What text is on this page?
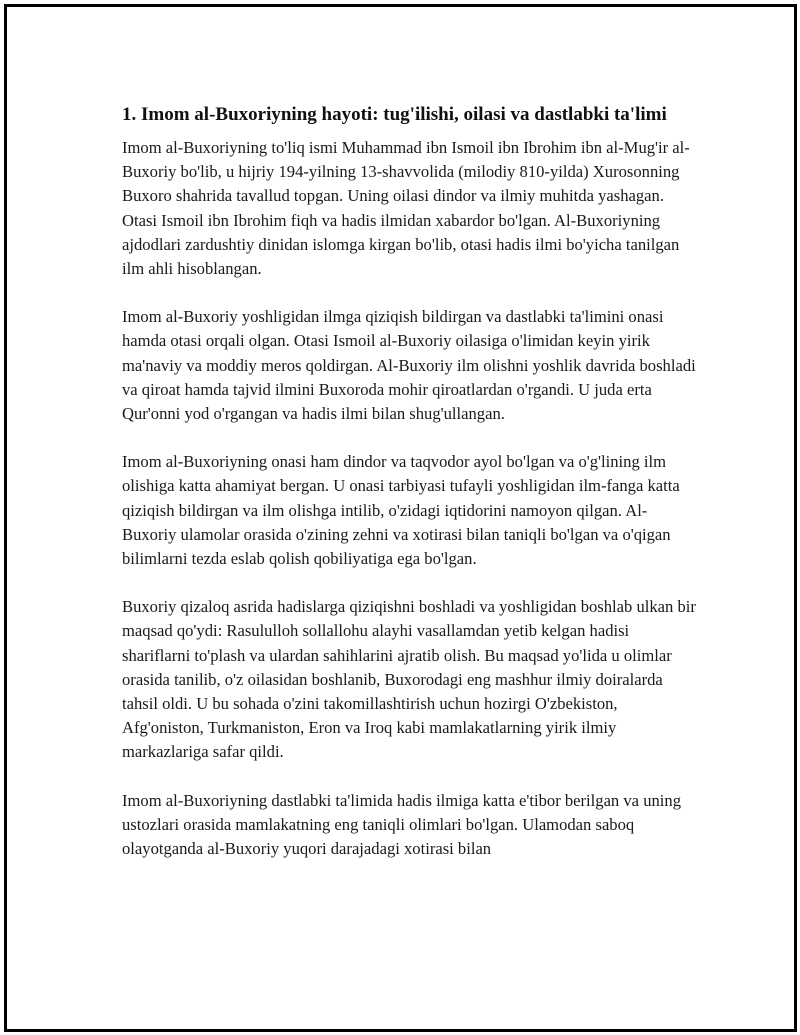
1. Imom al-Buxoriyning hayoti: tug'ilishi, oilasi va dastlabki ta'limi

Imom al-Buxoriyning to'liq ismi Muhammad ibn Ismoil ibn Ibrohim ibn al-Mug'ir al-Buxoriy bo'lib, u hijriy 194-yilning 13-shavvolida (milodiy 810-yilda) Xurosonning Buxoro shahrida tavallud topgan. Uning oilasi dindor va ilmiy muhitda yashagan. Otasi Ismoil ibn Ibrohim fiqh va hadis ilmidan xabardor bo'lgan. Al-Buxoriyning ajdodlari zardushtiy dinidan islomga kirgan bo'lib, otasi hadis ilmi bo'yicha tanilgan ilm ahli hisoblangan.

Imom al-Buxoriy yoshligidan ilmga qiziqish bildirgan va dastlabki ta'limini onasi hamda otasi orqali olgan. Otasi Ismoil al-Buxoriy oilasiga o'limidan keyin yirik ma'naviy va moddiy meros qoldirgan. Al-Buxoriy ilm olishni yoshlik davrida boshladi va qiroat hamda tajvid ilmini Buxoroda mohir qiroatlardan o'rgandi. U juda erta Qur'onni yod o'rgangan va hadis ilmi bilan shug'ullangan.

Imom al-Buxoriyning onasi ham dindor va taqvodor ayol bo'lgan va o'g'lining ilm olishiga katta ahamiyat bergan. U onasi tarbiyasi tufayli yoshligidan ilm-fanga katta qiziqish bildirgan va ilm olishga intilib, o'zidagi iqtidorini namoyon qilgan. Al-Buxoriy ulamolar orasida o'zining zehni va xotirasi bilan taniqli bo'lgan va o'qigan bilimlarni tezda eslab qolish qobiliyatiga ega bo'lgan.

Buxoriy qizaloq asrida hadislarga qiziqishni boshladi va yoshligidan boshlab ulkan bir maqsad qo'ydi: Rasululloh sollallohu alayhi vasallamdan yetib kelgan hadisi shariflarni to'plash va ulardan sahihlarini ajratib olish. Bu maqsad yo'lida u olimlar orasida tanilib, o'z oilasidan boshlanib, Buxorodagi eng mashhur ilmiy doiralarda tahsil oldi. U bu sohada o'zini takomillashtirish uchun hozirgi O'zbekiston, Afg'oniston, Turkmaniston, Eron va Iroq kabi mamlakatlarning yirik ilmiy markazlariga safar qildi.

Imom al-Buxoriyning dastlabki ta'limida hadis ilmiga katta e'tibor berilgan va uning ustozlari orasida mamlakatning eng taniqli olimlari bo'lgan. Ulamodan saboq olayotganda al-Buxoriy yuqori darajadagi xotirasi bilan
